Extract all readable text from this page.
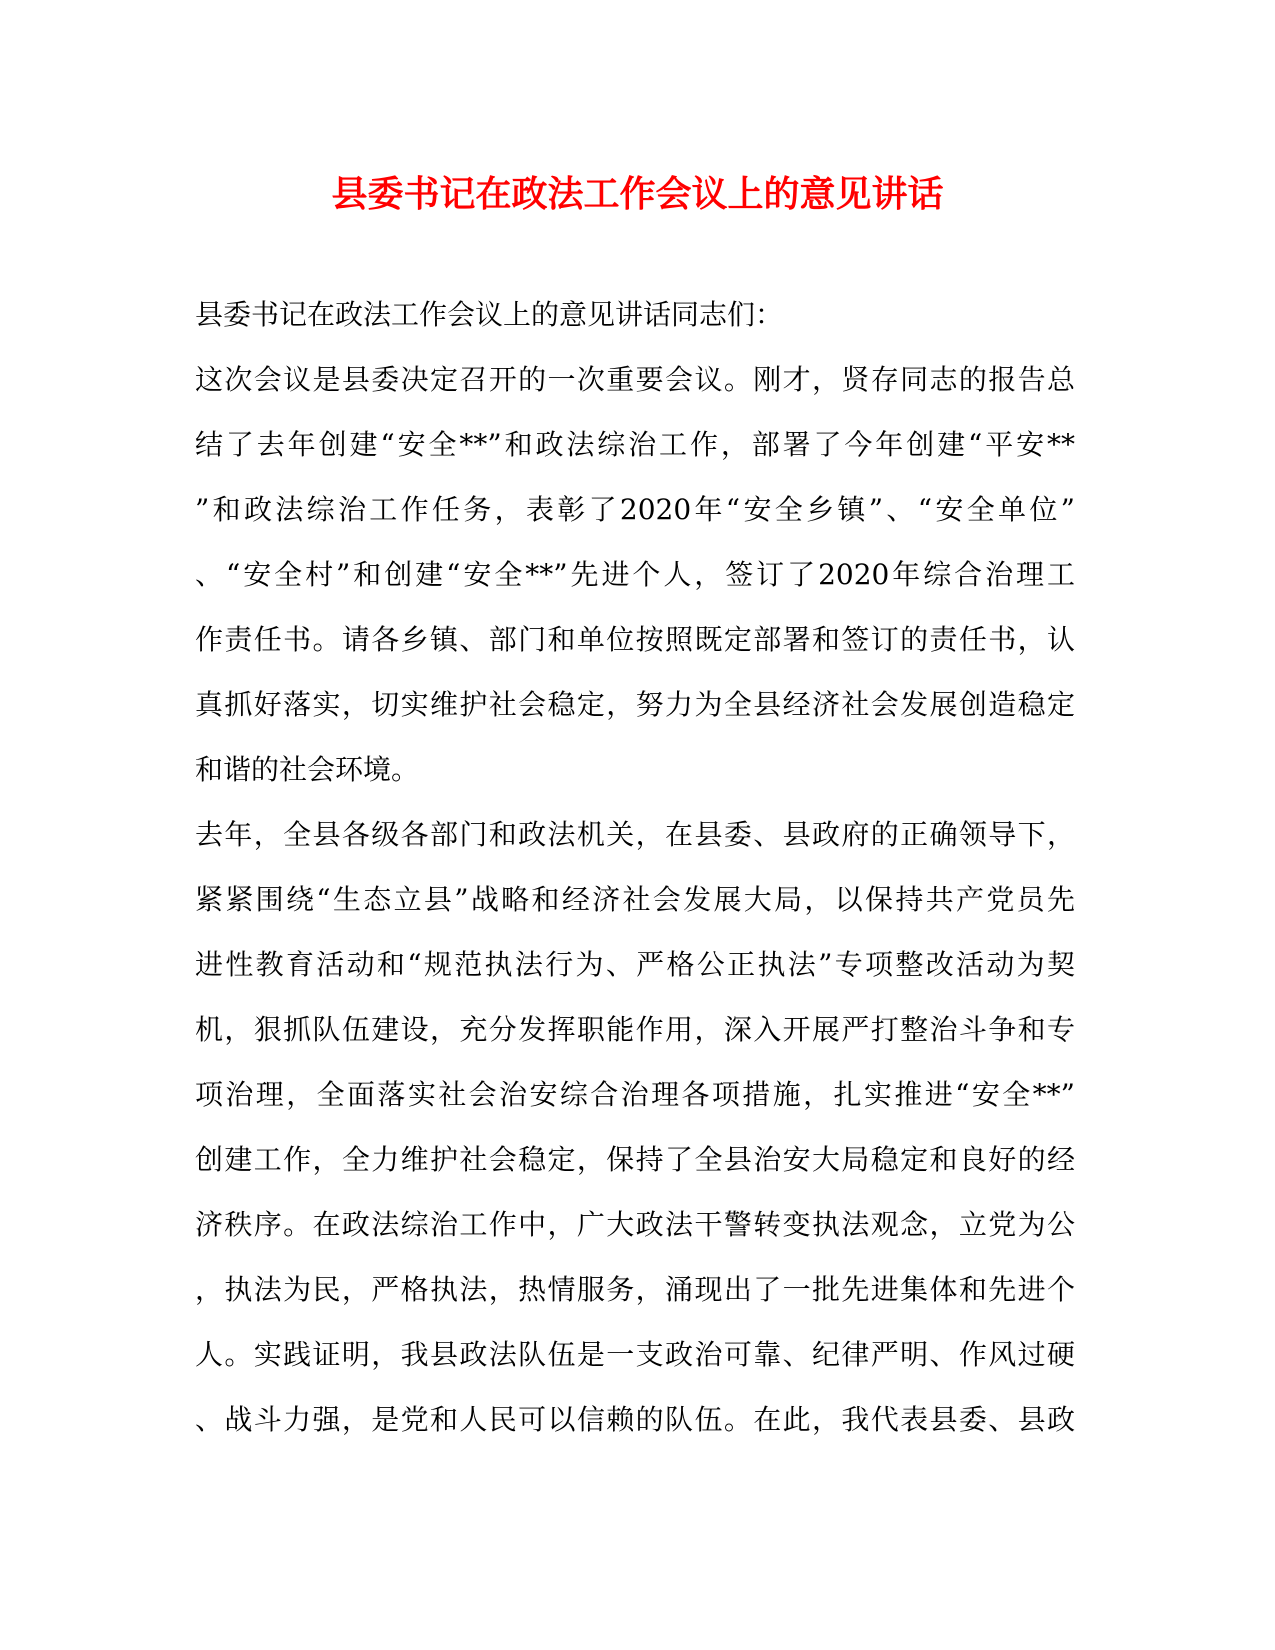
县委书记在政法工作会议上的意见讲话
县委书记在政法工作会议上的意见讲话同志们：
这次会议是县委决定召开的一次重要会议。刚才，贤存同志的报告总
结了去年创建“安全**”和政法综治工作，部署了今年创建“平安**
”和政法综治工作任务，表彰了2020年“安全乡镇”、“安全单位”
、“安全村”和创建“安全**”先进个人，签订了2020年综合治理工
作责任书。请各乡镇、部门和单位按照既定部署和签订的责任书，认
真抓好落实，切实维护社会稳定，努力为全县经济社会发展创造稳定
和谐的社会环境。
去年，全县各级各部门和政法机关，在县委、县政府的正确领导下，
紧紧围绕“生态立县”战略和经济社会发展大局，以保持共产党员先
进性教育活动和“规范执法行为、严格公正执法”专项整改活动为契
机，狠抓队伍建设，充分发挥职能作用，深入开展严打整治斗争和专
项治理，全面落实社会治安综合治理各项措施，扎实推进“安全**”
创建工作，全力维护社会稳定，保持了全县治安大局稳定和良好的经
济秩序。在政法综治工作中，广大政法干警转变执法观念，立党为公
，执法为民，严格执法，热情服务，涌现出了一批先进集体和先进个
人。实践证明，我县政法队伍是一支政治可靠、纪律严明、作风过硬
、战斗力强，是党和人民可以信赖的队伍。在此，我代表县委、县政
